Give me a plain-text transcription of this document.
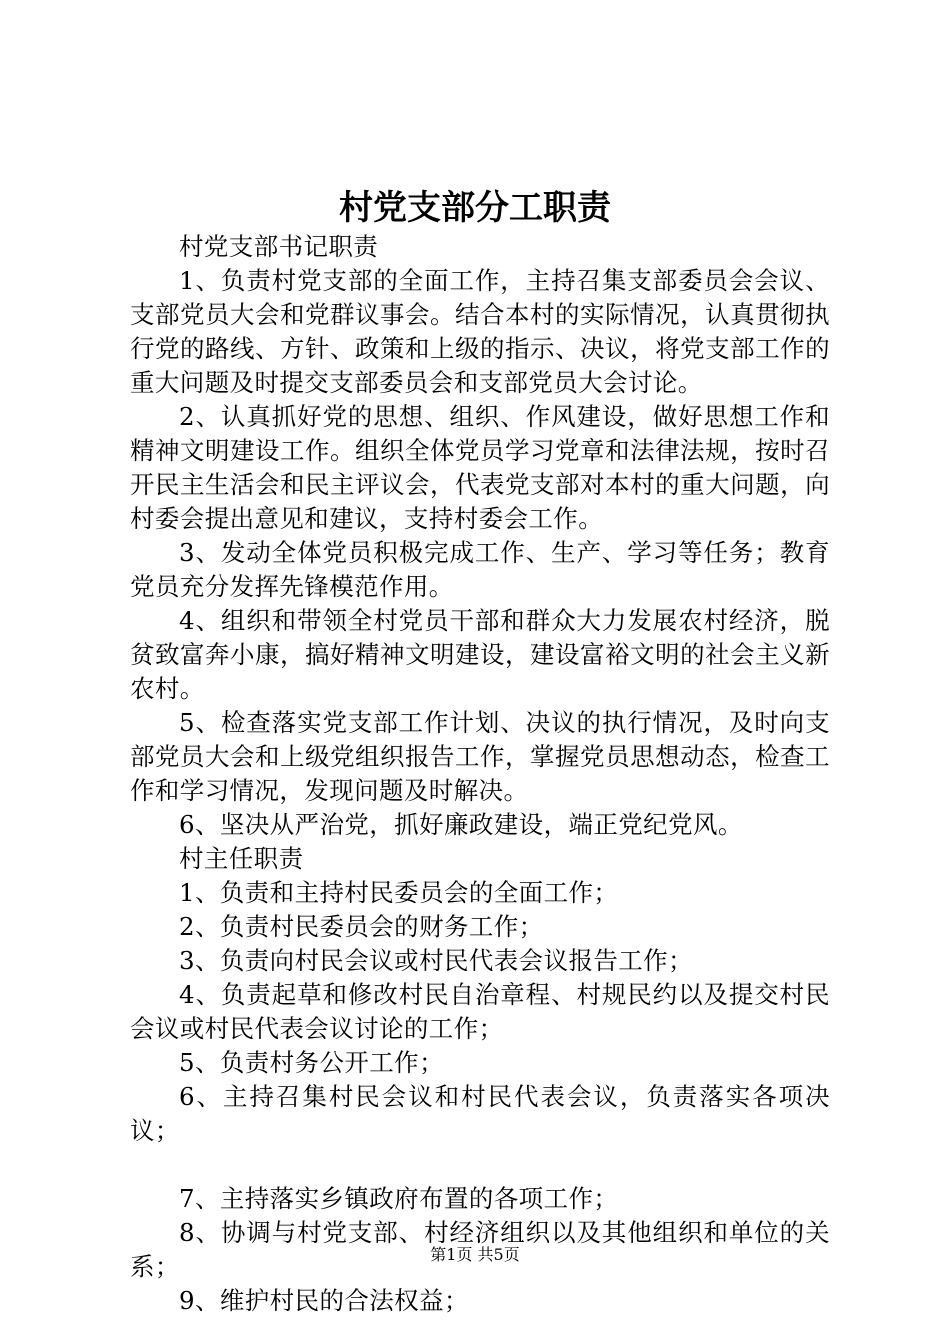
村党支部分工职责

村党支部书记职责

1、负责村党支部的全面工作，主持召集支部委员会会议、支部党员大会和党群议事会。结合本村的实际情况，认真贯彻执行党的路线、方针、政策和上级的指示、决议，将党支部工作的重大问题及时提交支部委员会和支部党员大会讨论。

2、认真抓好党的思想、组织、作风建设，做好思想工作和精神文明建设工作。组织全体党员学习党章和法律法规，按时召开民主生活会和民主评议会，代表党支部对本村的重大问题，向村委会提出意见和建议，支持村委会工作。

3、发动全体党员积极完成工作、生产、学习等任务；教育党员充分发挥先锋模范作用。

4、组织和带领全村党员干部和群众大力发展农村经济，脱贫致富奔小康，搞好精神文明建设，建设富裕文明的社会主义新农村。

5、检查落实党支部工作计划、决议的执行情况，及时向支部党员大会和上级党组织报告工作，掌握党员思想动态，检查工作和学习情况，发现问题及时解决。

6、坚决从严治党，抓好廉政建设，端正党纪党风。

村主任职责

1、负责和主持村民委员会的全面工作；

2、负责村民委员会的财务工作；

3、负责向村民会议或村民代表会议报告工作；

4、负责起草和修改村民自治章程、村规民约以及提交村民会议或村民代表会议讨论的工作；

5、负责村务公开工作；

6、主持召集村民会议和村民代表会议，负责落实各项决议；

7、主持落实乡镇政府布置的各项工作；

8、协调与村党支部、村经济组织以及其他组织和单位的关系；

9、维护村民的合法权益；

第1页 共5页
